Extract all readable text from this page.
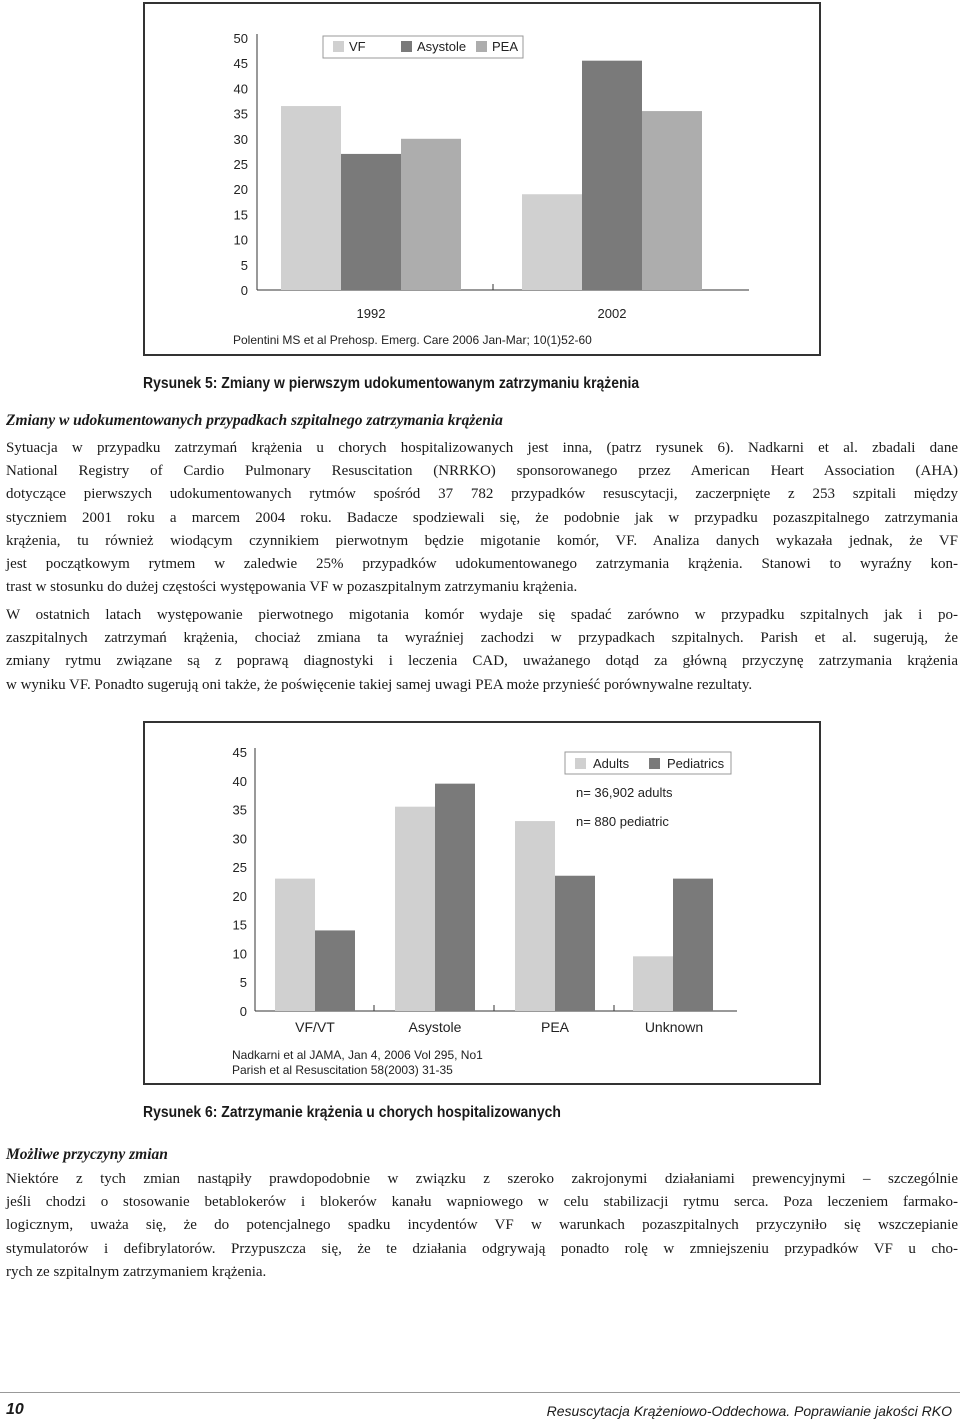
0
5
10
15
20
25
30
35
40
45
50
1992	2002
VF	Asystole PEA
Polentini MS et al Prehosp. Emerg. Care 2006 Jan-Mar; 10(1)52-60
Rysunek 5: Zmiany w pierwszym udokumentowanym zatrzymaniu krążenia
Zmiany w udokumentowanych przypadkach szpitalnego zatrzymania krążenia
Sytuacja w przypadku zatrzymań krążenia u chorych hospitalizowanych jest inna, (patrz rysunek 6). Nadkarni et al. zbadali dane
National Registry of Cardio Pulmonary Resuscitation (NRRKO) sponsorowanego przez American Heart Association (AHA)
dotyczące pierwszych udokumentowanych rytmów spośród 37 782 przypadków resuscytacji, zaczerpnięte z 253 szpitali między
styczniem 2001 roku a marcem 2004 roku. Badacze spodziewali się, że podobnie jak w przypadku pozaszpitalnego zatrzymania
krążenia, tu również wiodącym czynnikiem pierwotnym będzie migotanie komór, VF. Analiza danych wykazała jednak, że VF
jest początkowym rytmem w zaledwie 25% przypadków udokumentowanego zatrzymania krążenia. Stanowi to wyraźny kon-
trast w stosunku do dużej częstości występowania VF w pozaszpitalnym zatrzymaniu krążenia.
W ostatnich latach występowanie pierwotnego migotania komór wydaje się spadać zarówno w przypadku szpitalnych jak i po-
zaszpitalnych zatrzymań krążenia, chociaż zmiana ta wyraźniej zachodzi w przypadkach szpitalnych. Parish et al. sugerują, że
zmiany rytmu związane są z poprawą diagnostyki i leczenia CAD, uważanego dotąd za główną przyczynę zatrzymania krążenia
w wyniku VF. Ponadto sugerują oni także, że poświęcenie takiej samej uwagi PEA może przynieść porównywalne rezultaty.
0
5
10
15
20
25
30
35
40
45
VF/VT	Asystole	PEA	Unknown
Adults	Pediatrics
n= 36,902 adults
n= 880 pediatric
Nadkarni et al JAMA, Jan 4, 2006 Vol 295, No1
Parish et al Resuscitation 58(2003) 31-35
Rysunek 6: Zatrzymanie krążenia u chorych hospitalizowanych
Możliwe przyczyny zmian
Niektóre z tych zmian nastąpiły prawdopodobnie w związku z szeroko zakrojonymi działaniami prewencyjnymi – szczególnie
jeśli chodzi o stosowanie betablokerów i blokerów kanału wapniowego w celu stabilizacji rytmu serca. Poza leczeniem farmako-
logicznym, uważa się, że do potencjalnego spadku incydentów VF w warunkach pozaszpitalnych przyczyniło się wszczepianie
stymulatorów i defibrylatorów. Przypuszcza się, że te działania odgrywają ponadto rolę w zmniejszeniu przypadków VF u cho-
rych ze szpitalnym zatrzymaniem krążenia.
10	Resuscytacja Krążeniowo-Oddechowa. Poprawianie jakości RKO
